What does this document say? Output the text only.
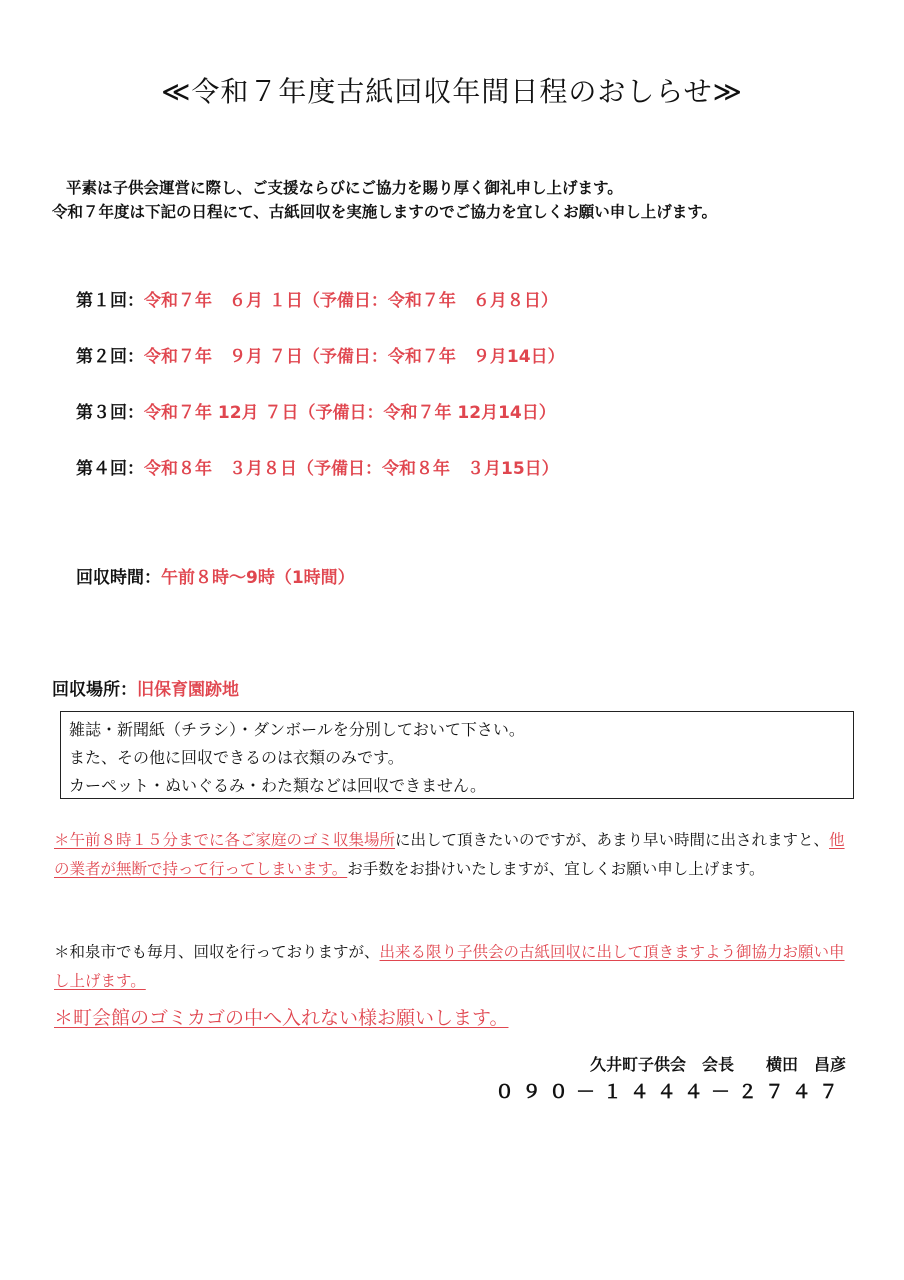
≪令和７年度古紙回収年間日程のおしらせ≫
平素は子供会運営に際し、ご支援ならびにご協力を賜り厚く御礼申し上げます。
令和７年度は下記の日程にて、古紙回収を実施しますのでご協力を宜しくお願い申し上げます。
第１回：令和７年　６月 １日（予備日：令和７年　６月８日）
第２回：令和７年　９月 ７日（予備日：令和７年　９月14日）
第３回：令和７年 12月 ７日（予備日：令和７年 12月14日）
第４回：令和８年　３月８日（予備日：令和８年　３月15日）
回収時間：午前８時～9時（1時間）
回収場所：旧保育園跡地
雑誌・新聞紙（チラシ）・ダンボールを分別しておいて下さい。
また、その他に回収できるのは衣類のみです。
カーペット・ぬいぐるみ・わた類などは回収できません。
＊午前８時１５分までに各ご家庭のゴミ収集場所に出して頂きたいのですが、あまり早い時間に出されますと、他の業者が無断で持って行ってしまいます。お手数をお掛けいたしますが、宜しくお願い申し上げます。
＊和泉市でも毎月、回収を行っておりますが、出来る限り子供会の古紙回収に出して頂きますよう御協力お願い申し上げます。
＊町会館のゴミカゴの中へ入れない様お願いします。
久井町子供会　会長　　横田　昌彦
０９０－１４４４－２７４７
